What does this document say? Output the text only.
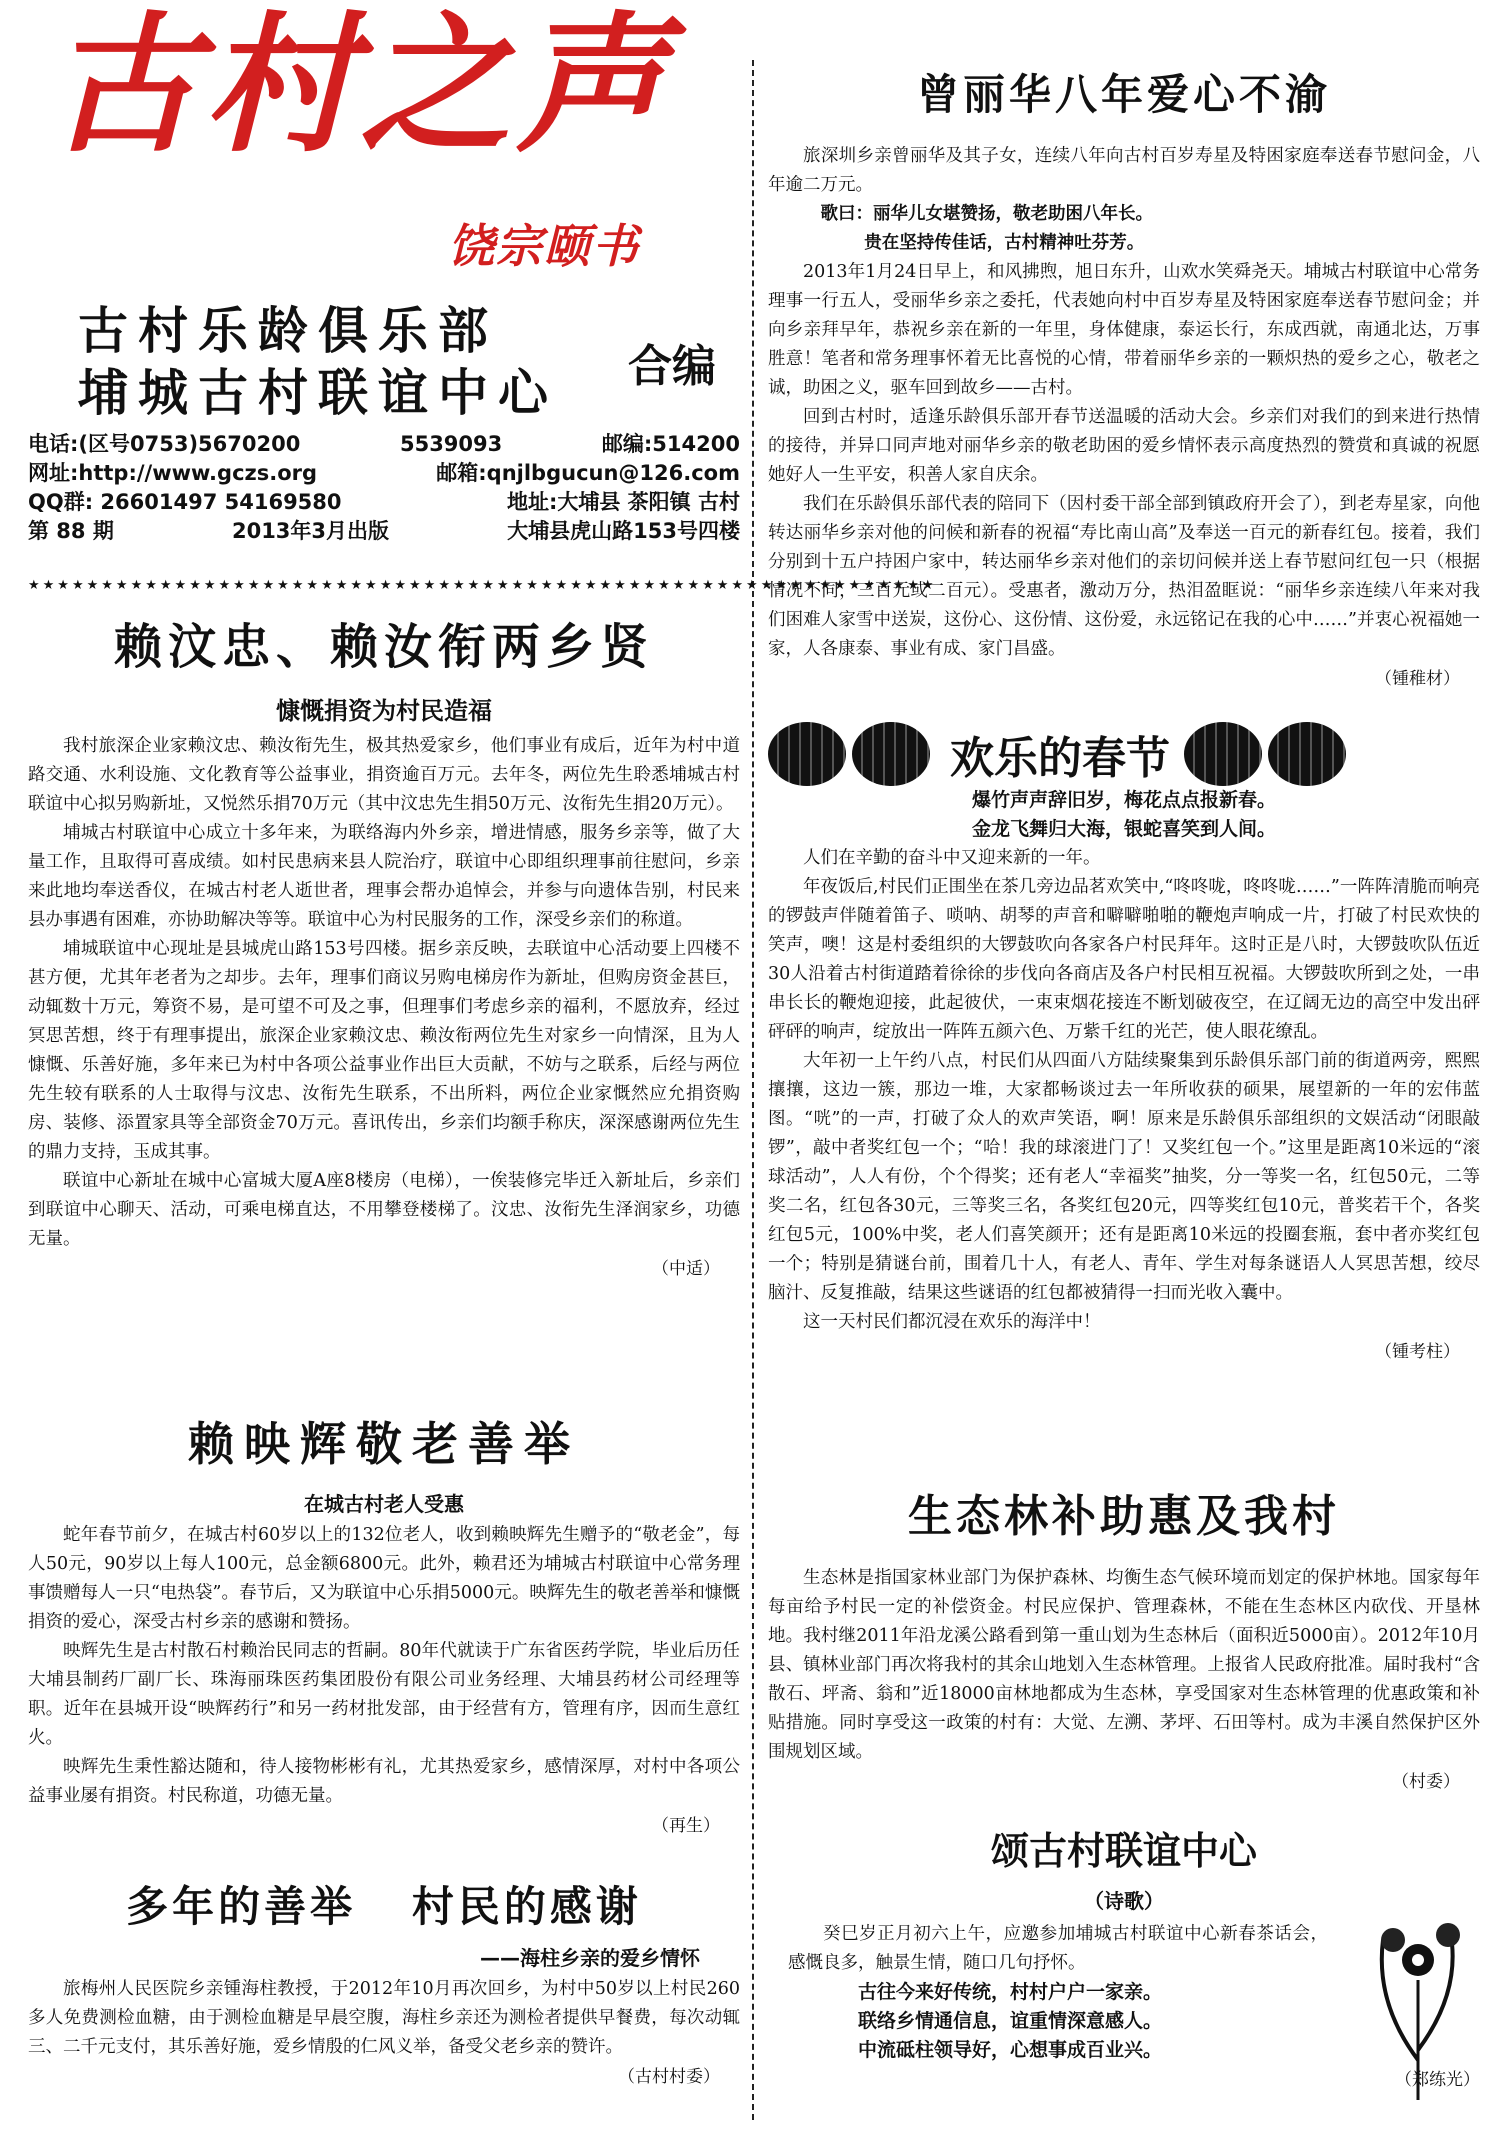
古村之声
饶宗颐书
古村乐龄俱乐部
埔城古村联谊中心 合编
电话:(区号0753)5670200	5539093	邮编:514200
网址:http://www.gczs.org	邮箱:qnjlbgucun@126.com
QQ群: 26601497 54169580	地址:大埔县 茶阳镇 古村
第 88 期	2013年3月出版	大埔县虎山路153号四楼
★★★★★★★★★★★★★★★★★★★★★★★★★★★★★★★★★★★★★★★★★★★★★★★★★★★★★★★★★★★★★★
赖汶忠、赖汝衔两乡贤
慷慨捐资为村民造福

我村旅深企业家赖汶忠、赖汝衔先生，极其热爱家乡，他们事业有成后，近年为村中道路交通、水利设施、文化教育等公益事业，捐资逾百万元。去年冬，两位先生聆悉埔城古村联谊中心拟另购新址，又悦然乐捐70万元（其中汶忠先生捐50万元、汝衔先生捐20万元）。

埔城古村联谊中心成立十多年来，为联络海内外乡亲，增进情感，服务乡亲等，做了大量工作，且取得可喜成绩。如村民患病来县人院治疗，联谊中心即组织理事前往慰问，乡亲来此地均奉送香仪，在城古村老人逝世者，理事会帮办追悼会，并参与向遗体告别，村民来县办事遇有困难，亦协助解决等等。联谊中心为村民服务的工作，深受乡亲们的称道。

埔城联谊中心现址是县城虎山路153号四楼。据乡亲反映，去联谊中心活动要上四楼不甚方便，尤其年老者为之却步。去年，理事们商议另购电梯房作为新址，但购房资金甚巨，动辄数十万元，筹资不易，是可望不可及之事，但理事们考虑乡亲的福利，不愿放弃，经过冥思苦想，终于有理事提出，旅深企业家赖汶忠、赖汝衔两位先生对家乡一向情深，且为人慷慨、乐善好施，多年来已为村中各项公益事业作出巨大贡献，不妨与之联系，后经与两位先生较有联系的人士取得与汶忠、汝衔先生联系，不出所料，两位企业家慨然应允捐资购房、装修、添置家具等全部资金70万元。喜讯传出，乡亲们均额手称庆，深深感谢两位先生的鼎力支持，玉成其事。

联谊中心新址在城中心富城大厦A座8楼房（电梯），一俟装修完毕迁入新址后，乡亲们到联谊中心聊天、活动，可乘电梯直达，不用攀登楼梯了。汶忠、汝衔先生泽润家乡，功德无量。

（中适）
赖映辉敬老善举
在城古村老人受惠

蛇年春节前夕，在城古村60岁以上的132位老人，收到赖映辉先生赠予的“敬老金”，每人50元，90岁以上每人100元，总金额6800元。此外，赖君还为埔城古村联谊中心常务理事馈赠每人一只“电热袋”。春节后，又为联谊中心乐捐5000元。映辉先生的敬老善举和慷慨捐资的爱心，深受古村乡亲的感谢和赞扬。

映辉先生是古村散石村赖治民同志的哲嗣。80年代就读于广东省医药学院，毕业后历任大埔县制药厂副厂长、珠海丽珠医药集团股份有限公司业务经理、大埔县药材公司经理等职。近年在县城开设“映辉药行”和另一药材批发部，由于经营有方，管理有序，因而生意红火。

映辉先生秉性豁达随和，待人接物彬彬有礼，尤其热爱家乡，感情深厚，对村中各项公益事业屡有捐资。村民称道，功德无量。

（再生）
多年的善举   村民的感谢
——海柱乡亲的爱乡情怀

旅梅州人民医院乡亲锺海柱教授，于2012年10月再次回乡，为村中50岁以上村民260多人免费测检血糖，由于测检血糖是早晨空腹，海柱乡亲还为测检者提供早餐费，每次动辄三、二千元支付，其乐善好施，爱乡情殷的仁风义举，备受父老乡亲的赞许。

（古村村委）
曾丽华八年爱心不渝

旅深圳乡亲曾丽华及其子女，连续八年向古村百岁寿星及特困家庭奉送春节慰问金，八年逾二万元。

歌曰：丽华儿女堪赞扬，敬老助困八年长。

贵在坚持传佳话，古村精神吐芬芳。

2013年1月24日早上，和风拂煦，旭日东升，山欢水笑舜尧天。埔城古村联谊中心常务理事一行五人，受丽华乡亲之委托，代表她向村中百岁寿星及特困家庭奉送春节慰问金；并向乡亲拜早年，恭祝乡亲在新的一年里，身体健康，泰运长行，东成西就，南通北达，万事胜意！笔者和常务理事怀着无比喜悦的心情，带着丽华乡亲的一颗炽热的爱乡之心，敬老之诚，助困之义，驱车回到故乡——古村。

回到古村时，适逢乐龄俱乐部开春节送温暖的活动大会。乡亲们对我们的到来进行热情的接待，并异口同声地对丽华乡亲的敬老助困的爱乡情怀表示高度热烈的赞赏和真诚的祝愿她好人一生平安，积善人家自庆余。

我们在乐龄俱乐部代表的陪同下（因村委干部全部到镇政府开会了），到老寿星家，向他转达丽华乡亲对他的问候和新春的祝福“寿比南山高”及奉送一百元的新春红包。接着，我们分别到十五户持困户家中，转达丽华乡亲对他们的亲切问候并送上春节慰问红包一只（根据情况不同，三百元或二百元）。受惠者，激动万分，热泪盈眶说：“丽华乡亲连续八年来对我们困难人家雪中送炭，这份心、这份情、这份爱，永远铭记在我的心中……”并衷心祝福她一家，人各康泰、事业有成、家门昌盛。

（锺稚材）
欢乐的春节
爆竹声声辞旧岁，梅花点点报新春。
金龙飞舞归大海，银蛇喜笑到人间。

人们在辛勤的奋斗中又迎来新的一年。

年夜饭后,村民们正围坐在茶几旁边品茗欢笑中,“咚咚咙，咚咚咙……”一阵阵清脆而响亮的锣鼓声伴随着笛子、唢呐、胡琴的声音和噼噼啪啪的鞭炮声响成一片，打破了村民欢快的笑声，噢！这是村委组织的大锣鼓吹向各家各户村民拜年。这时正是八时，大锣鼓吹队伍近30人沿着古村街道踏着徐徐的步伐向各商店及各户村民相互祝福。大锣鼓吹所到之处，一串串长长的鞭炮迎接，此起彼伏，一束束烟花接连不断划破夜空，在辽阔无边的高空中发出砰砰砰的响声，绽放出一阵阵五颜六色、万紫千红的光芒，使人眼花缭乱。

大年初一上午约八点，村民们从四面八方陆续聚集到乐龄俱乐部门前的街道两旁，熙熙攘攘，这边一簇，那边一堆，大家都畅谈过去一年所收获的硕果，展望新的一年的宏伟蓝图。“咣”的一声，打破了众人的欢声笑语，啊！原来是乐龄俱乐部组织的文娱活动“闭眼敲锣”，敲中者奖红包一个；“哈！我的球滚进门了！又奖红包一个。”这里是距离10米远的“滚球活动”，人人有份，个个得奖；还有老人“幸福奖”抽奖，分一等奖一名，红包50元，二等奖二名，红包各30元，三等奖三名，各奖红包20元，四等奖红包10元，普奖若干个，各奖红包5元，100%中奖，老人们喜笑颜开；还有是距离10米远的投圈套瓶，套中者亦奖红包一个；特别是猜谜台前，围着几十人，有老人、青年、学生对每条谜语人人冥思苦想，绞尽脑汁、反复推敲，结果这些谜语的红包都被猜得一扫而光收入囊中。

这一天村民们都沉浸在欢乐的海洋中！

（锺考柱）
生态林补助惠及我村

生态林是指国家林业部门为保护森林、均衡生态气候环境而划定的保护林地。国家每年每亩给予村民一定的补偿资金。村民应保护、管理森林，不能在生态林区内砍伐、开垦林地。我村继2011年沿龙溪公路看到第一重山划为生态林后（面积近5000亩）。2012年10月县、镇林业部门再次将我村的其余山地划入生态林管理。上报省人民政府批准。届时我村“含散石、坪斋、翁和”近18000亩林地都成为生态林，享受国家对生态林管理的优惠政策和补贴措施。同时享受这一政策的村有：大觉、左溯、茅坪、石田等村。成为丰溪自然保护区外围规划区域。

（村委）
颂古村联谊中心
（诗歌）

癸巳岁正月初六上午，应邀参加埔城古村联谊中心新春茶话会，感慨良多，触景生情，随口几句抒怀。

古往今来好传统，村村户户一家亲。
联络乡情通信息，谊重情深意感人。
中流砥柱领导好，心想事成百业兴。
（郑练光）
